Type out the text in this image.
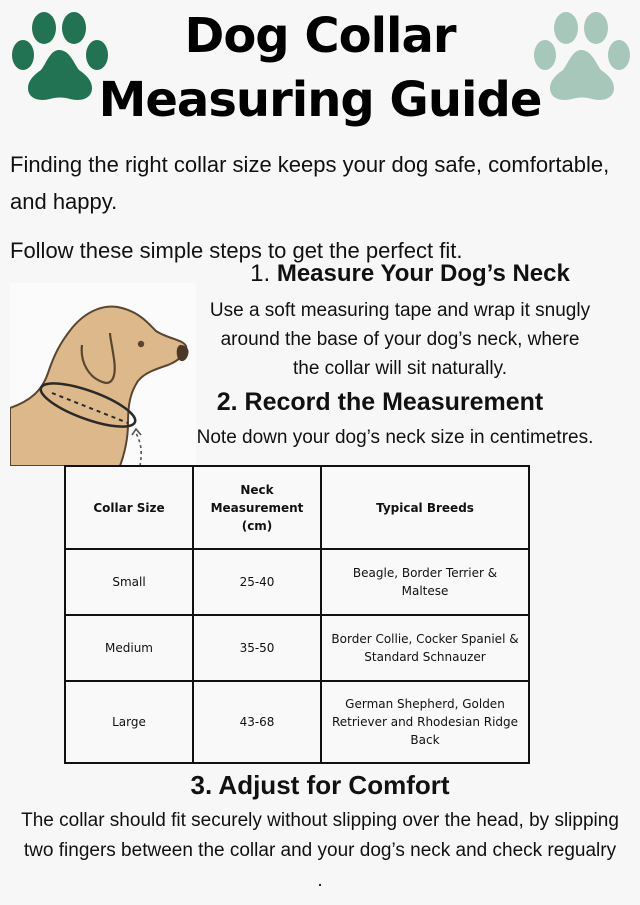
Dog Collar
Measuring Guide

Finding the right collar size keeps your dog safe, comfortable, and happy.

Follow these simple steps to get the perfect fit.

1. Measure Your Dog’s Neck
Use a soft measuring tape and wrap it snugly around the base of your dog’s neck, where the collar will sit naturally.
2. Record the Measurement
Note down your dog’s neck size in centimetres.
Collar Size	Neck Measurement (cm)	Typical Breeds
Small	25-40	Beagle, Border Terrier & Maltese
Medium	35-50	Border Collie, Cocker Spaniel & Standard Schnauzer
Large	43-68	German Shepherd, Golden Retriever and Rhodesian Ridge Back
3. Adjust for Comfort
The collar should fit securely without slipping over the head, by slipping two fingers between the collar and your dog’s neck and check regualry .
